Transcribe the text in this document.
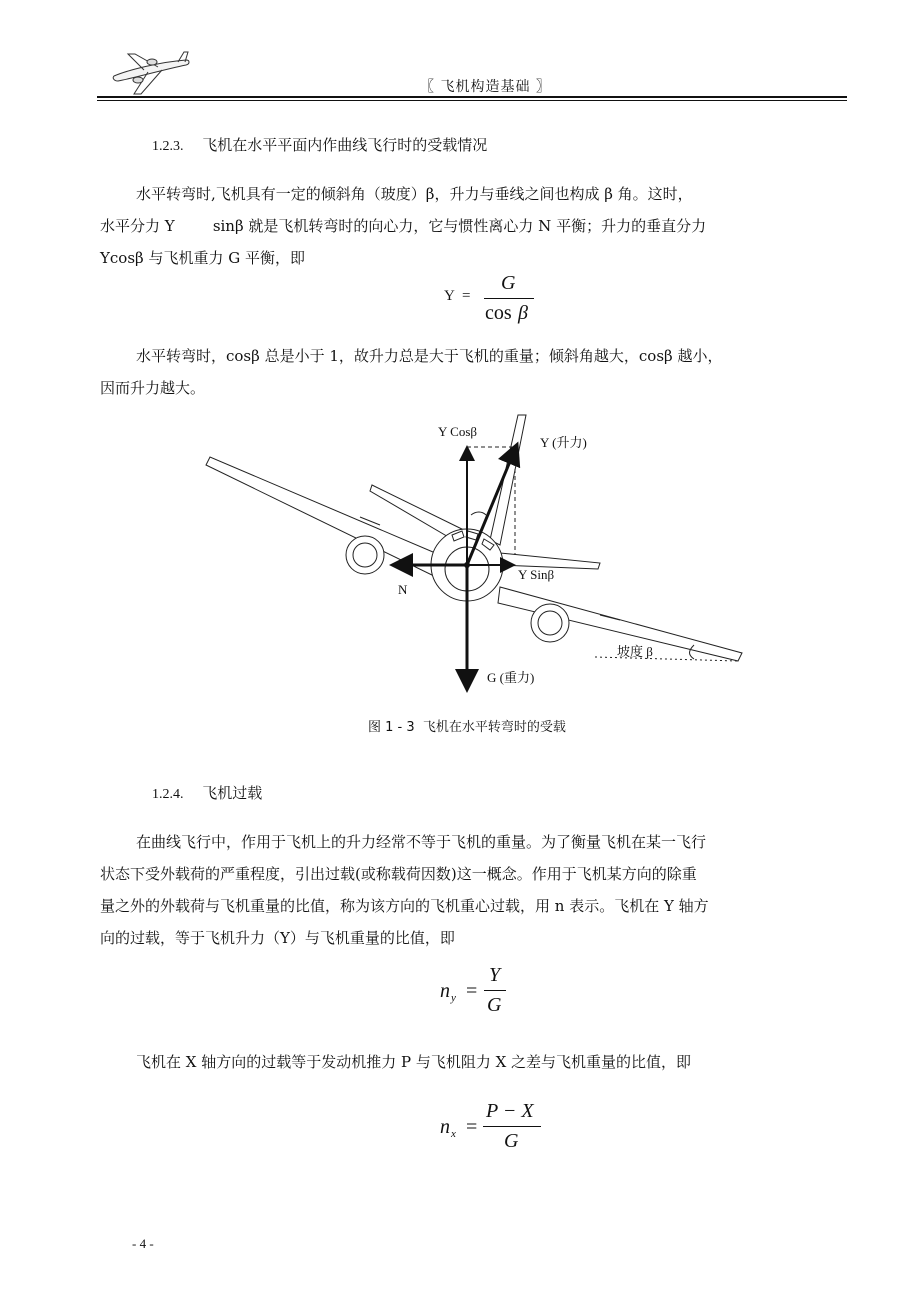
〖 飞机构造基础 〗
1.2.3. 飞机在水平平面内作曲线飞行时的受载情况
水平转弯时,飞机具有一定的倾斜角（玻度）β，升力与垂线之间也构成 β 角。这时，
水平分力 Y        sinβ 就是飞机转弯时的向心力，它与惯性离心力 N 平衡；升力的垂直分力
Ycosβ 与飞机重力 G 平衡，即
Y =
G
cos β
水平转弯时，cosβ 总是小于 1，故升力总是大于飞机的重量；倾斜角越大，cosβ 越小，
因而升力越大。
Y Cosβ
Y (升力)
Y Sinβ
N
G (重力)
坡度 β
图 1 - 3  飞机在水平转弯时的受载
1.2.4. 飞机过载
在曲线飞行中，作用于飞机上的升力经常不等于飞机的重量。为了衡量飞机在某一飞行
状态下受外载荷的严重程度，引出过载(或称载荷因数)这一概念。作用于飞机某方向的除重
量之外的外载荷与飞机重量的比值，称为该方向的飞机重心过载，用 n 表示。飞机在 Y 轴方
向的过载，等于飞机升力（Y）与飞机重量的比值，即
n y =
Y
G
飞机在 X 轴方向的过载等于发动机推力 P 与飞机阻力 X 之差与飞机重量的比值，即
n x =
P − X
G
- 4 -
